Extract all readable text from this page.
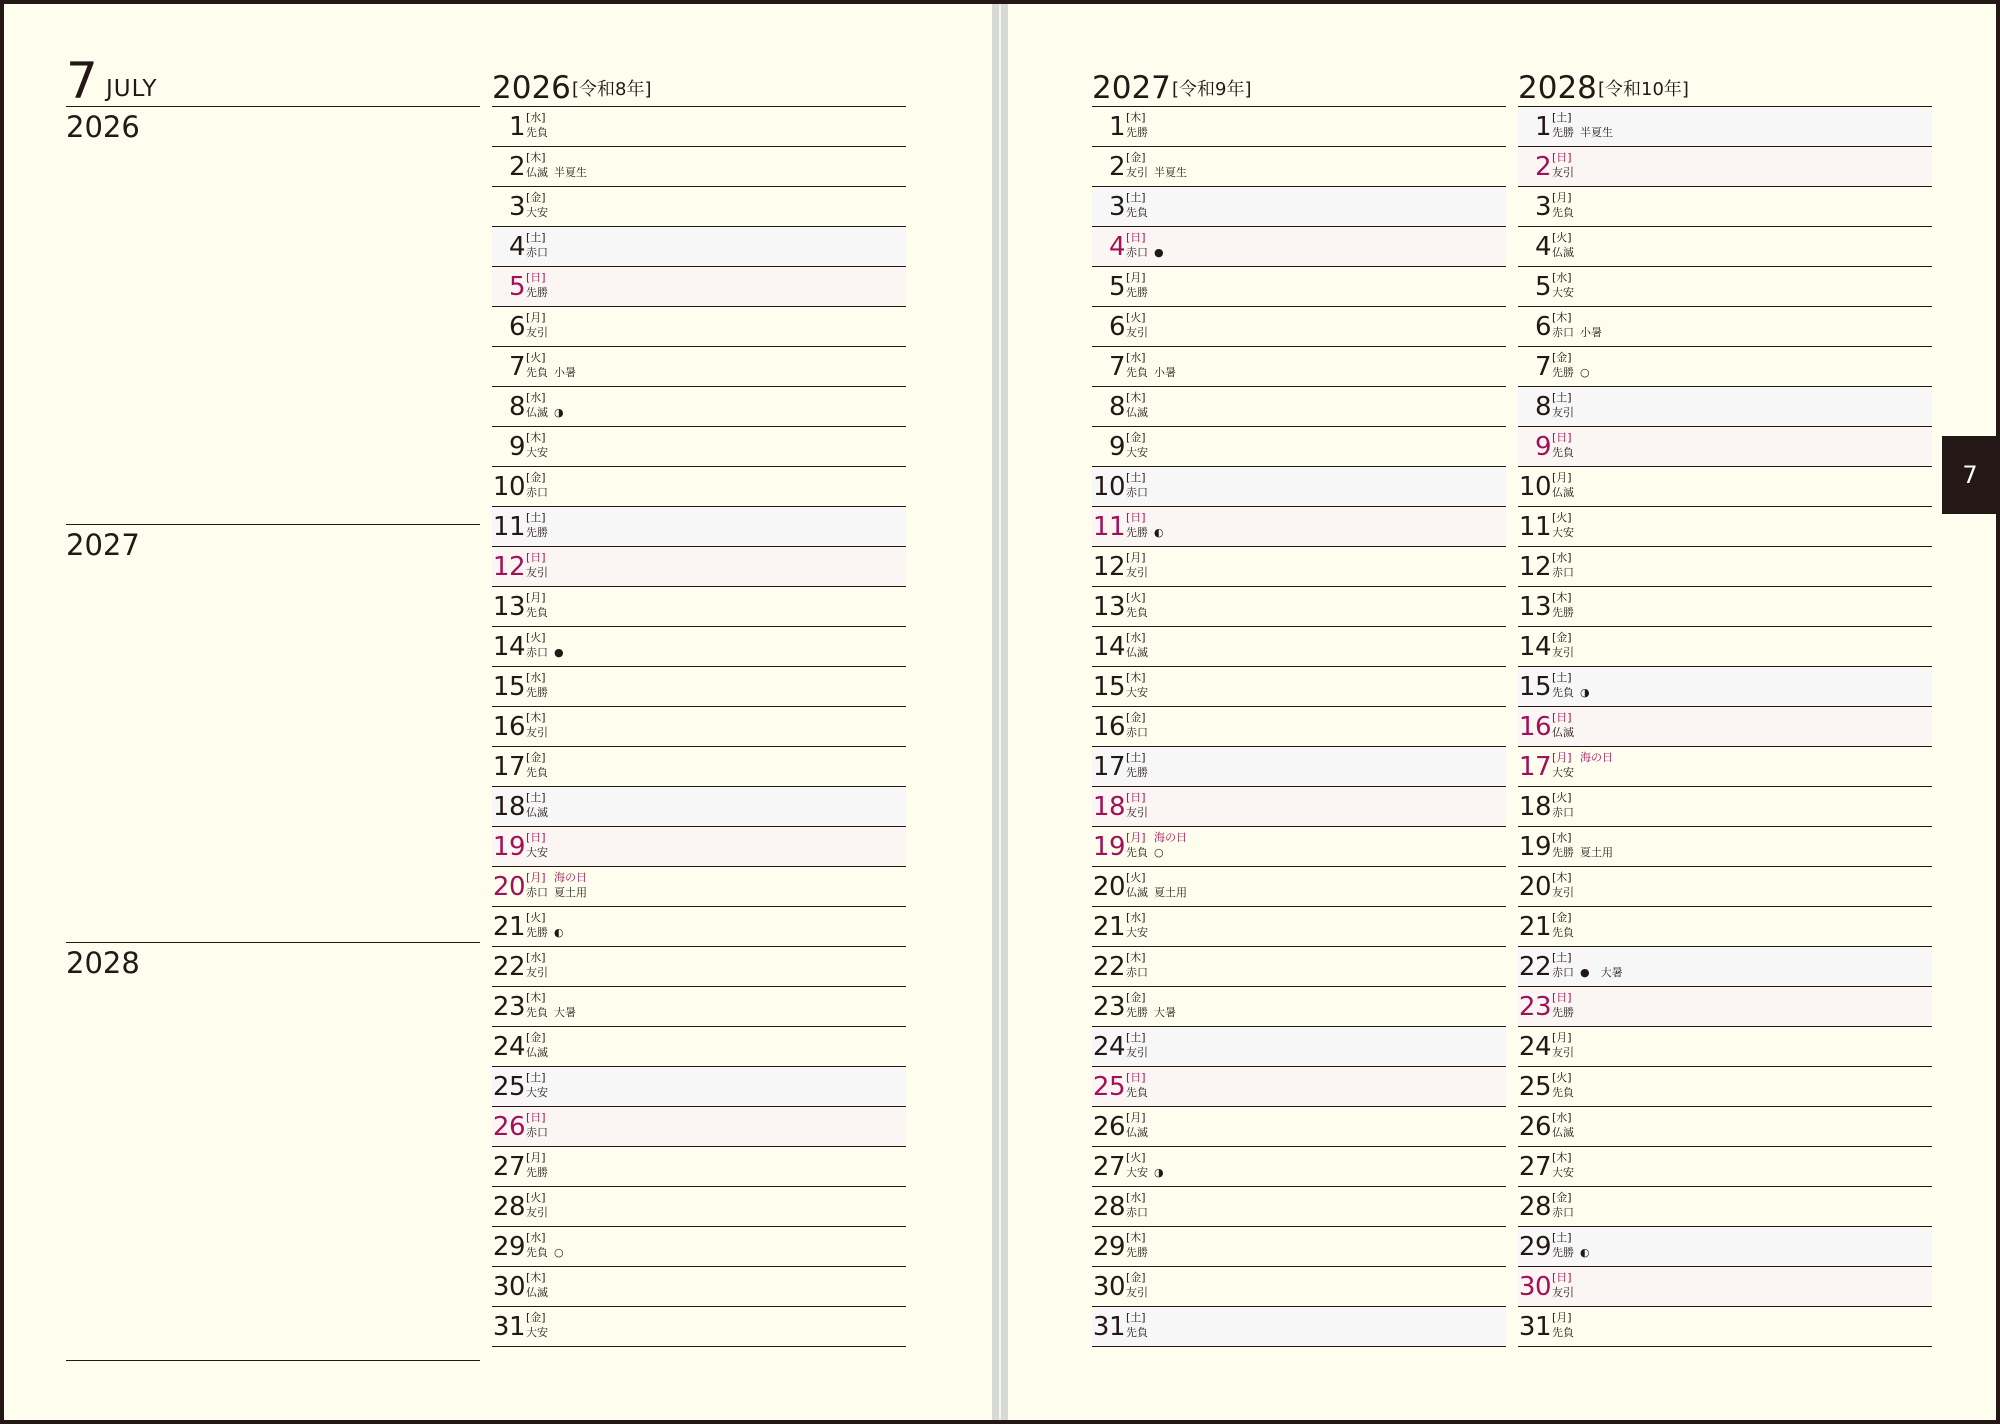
7 JULY
2026
2027
2028
2026 [令和8年]
1 [水]
先負
2 [木]
仏滅 半夏生
3 [金]
大安
4 [土]
赤口
5 [日]
先勝
6 [月]
友引
7 [火]
先負 小暑
8 [水]
仏滅 ◑
9 [木]
大安
10 [金]
赤口
11 [土]
先勝
12 [日]
友引
13 [月]
先負
14 [火]
赤口 ●
15 [水]
先勝
16 [木]
友引
17 [金]
先負
18 [土]
仏滅
19 [日]
大安
20 [月]
赤口
海の日
夏土用
21 [火]
先勝 ◐
22 [水]
友引
23 [木]
先負 大暑
24 [金]
仏滅
25 [土]
大安
26 [日]
赤口
27 [月]
先勝
28 [火]
友引
29 [水]
先負 ○
30 [木]
仏滅
31 [金]
大安
2027 [令和9年]
1 [木]
先勝
2 [金]
友引 半夏生
3 [土]
先負
4 [日]
赤口 ●
5 [月]
先勝
6 [火]
友引
7 [水]
先負 小暑
8 [木]
仏滅
9 [金]
大安
10 [土]
赤口
11 [日]
先勝 ◐
12 [月]
友引
13 [火]
先負
14 [水]
仏滅
15 [木]
大安
16 [金]
赤口
17 [土]
先勝
18 [日]
友引
19 [月]
先負
海の日
○
20 [火]
仏滅 夏土用
21 [水]
大安
22 [木]
赤口
23 [金]
先勝 大暑
24 [土]
友引
25 [日]
先負
26 [月]
仏滅
27 [火]
大安 ◑
28 [水]
赤口
29 [木]
先勝
30 [金]
友引
31 [土]
先負
2028 [令和10年]
1 [土]
先勝 半夏生
2 [日]
友引
3 [月]
先負
4 [火]
仏滅
5 [水]
大安
6 [木]
赤口 小暑
7 [金]
先勝 ○
8 [土]
友引
9 [日]
先負
10 [月]
仏滅
11 [火]
大安
12 [水]
赤口
13 [木]
先勝
14 [金]
友引
15 [土]
先負 ◑
16 [日]
仏滅
17 [月]
大安
海の日
18 [火]
赤口
19 [水]
先勝 夏土用
20 [木]
友引
21 [金]
先負
22 [土]
赤口 ●　大暑
23 [日]
先勝
24 [月]
友引
25 [火]
先負
26 [水]
仏滅
27 [木]
大安
28 [金]
赤口
29 [土]
先勝 ◐
30 [日]
友引
31 [月]
先負
7
